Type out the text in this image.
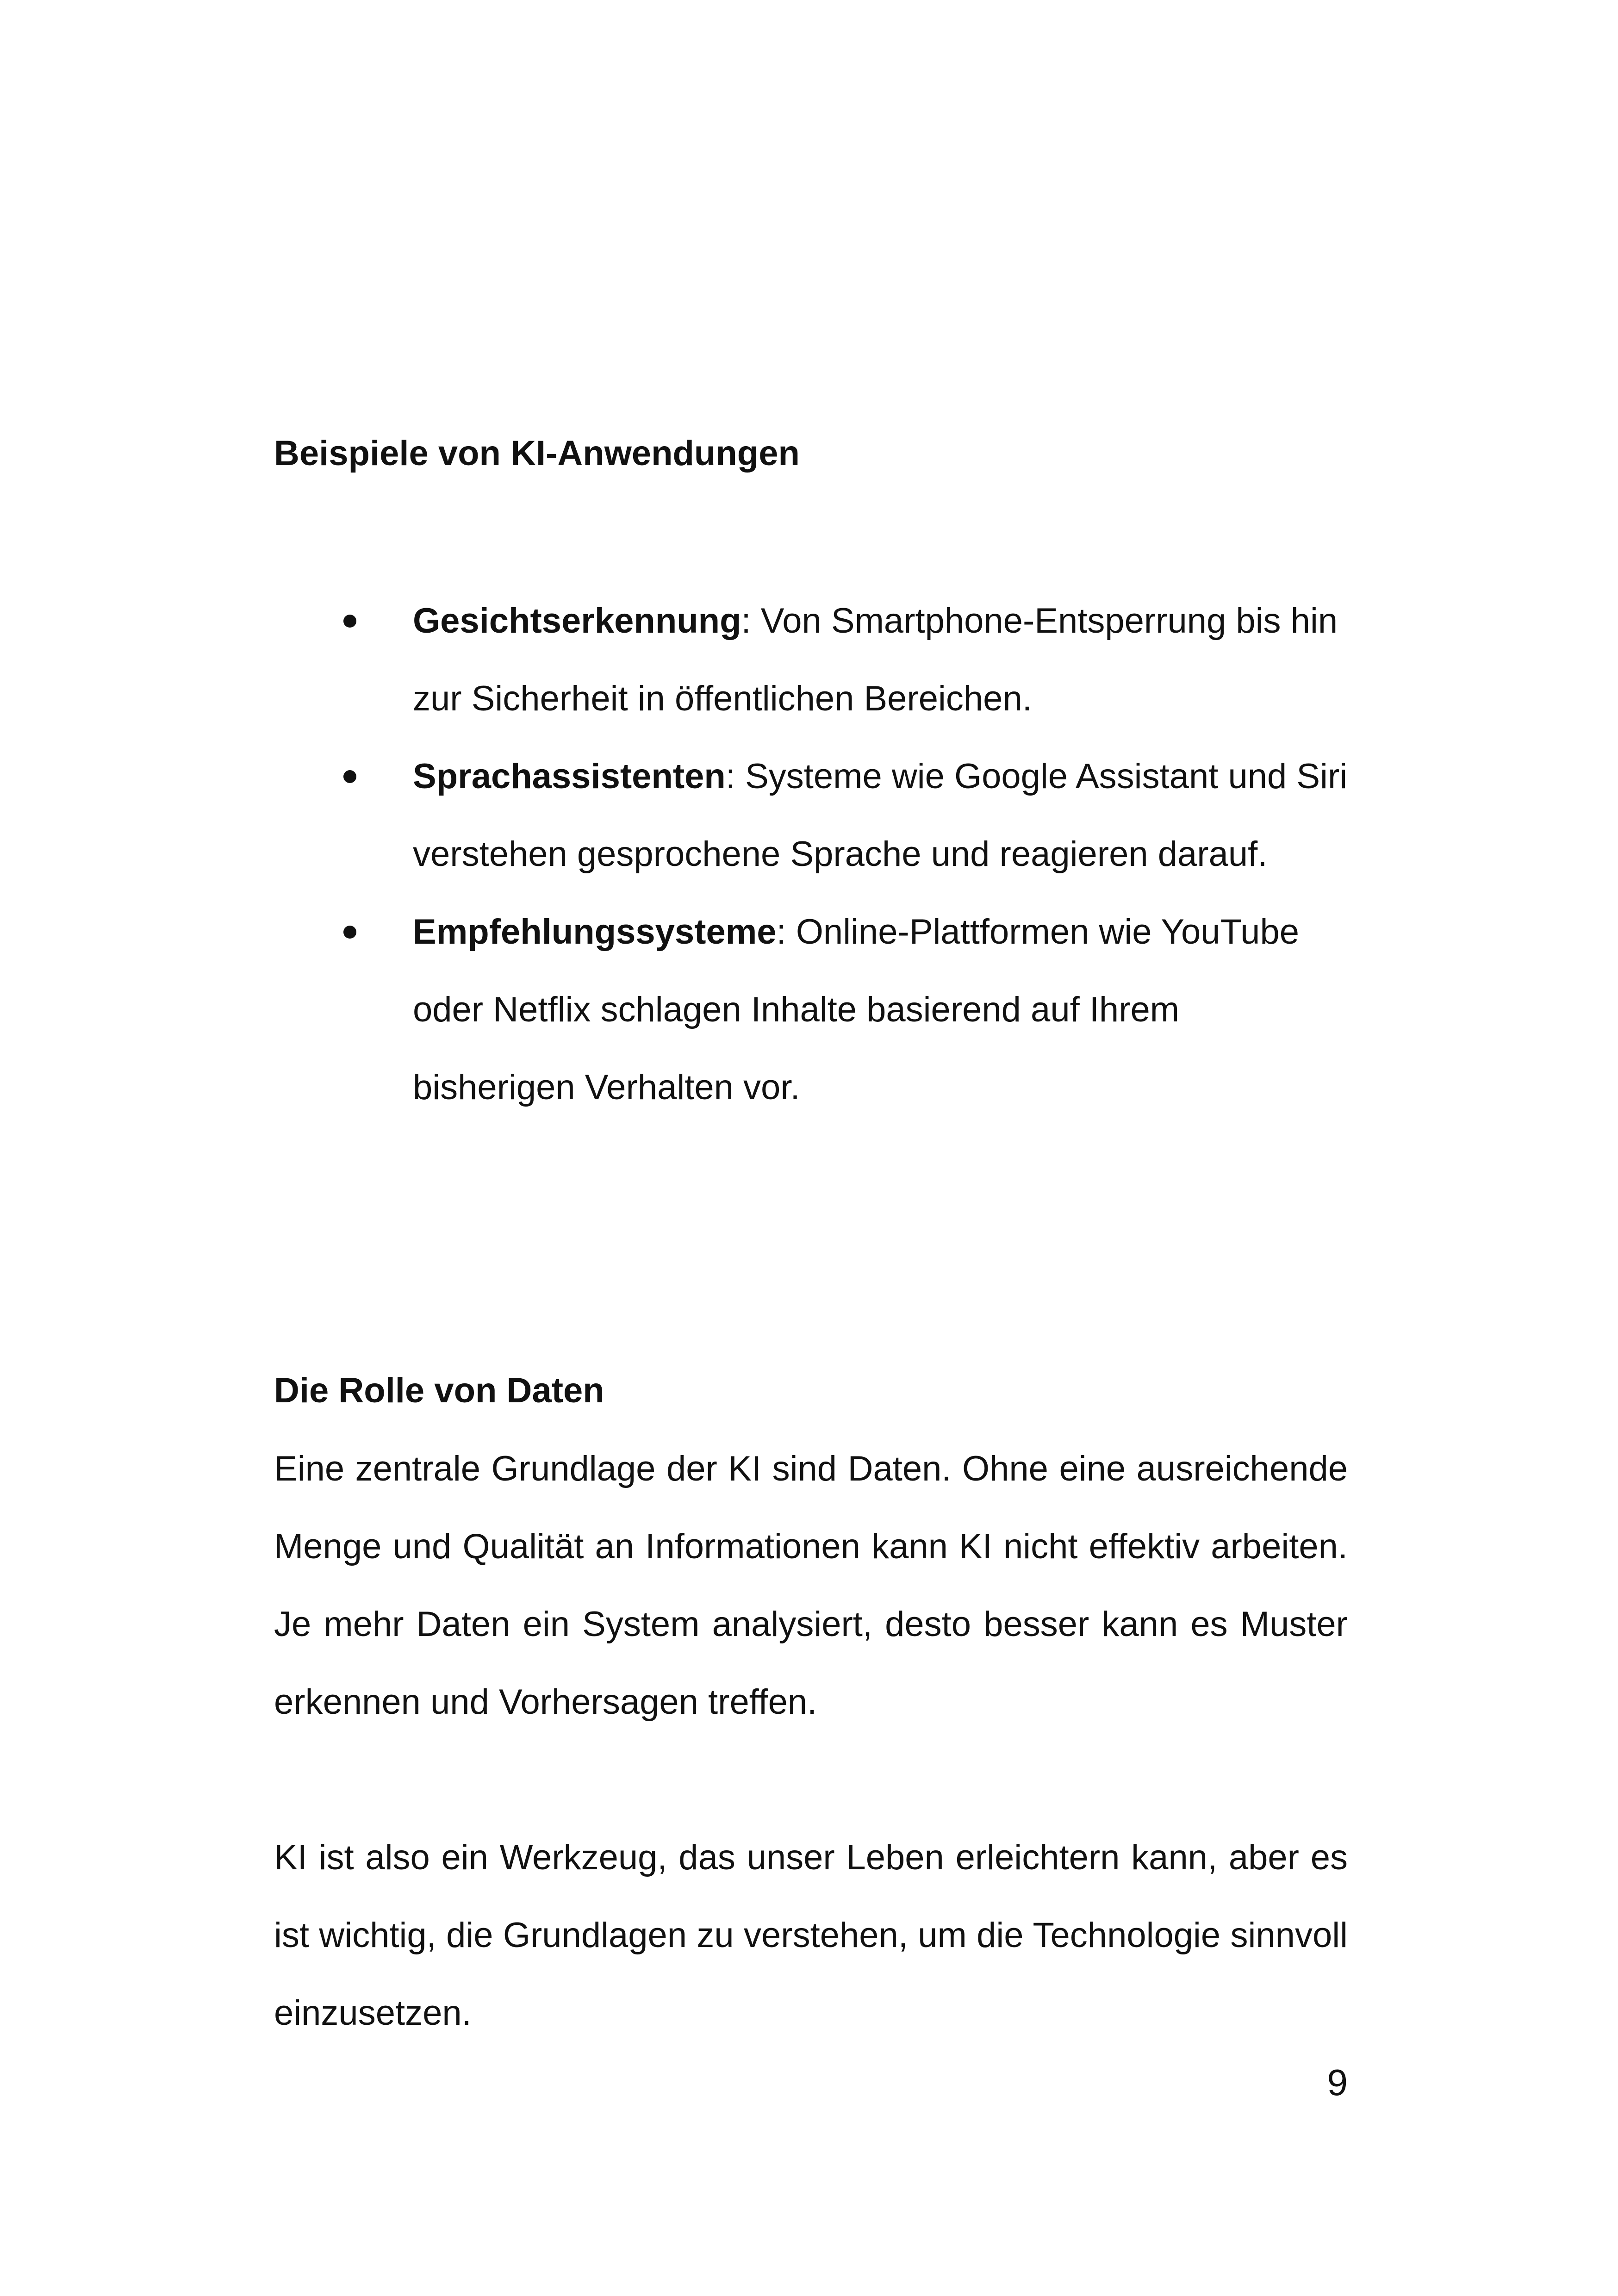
Beispiele von KI-Anwendungen
Gesichtserkennung: Von Smartphone-Entsperrung bis hin zur Sicherheit in öffentlichen Bereichen.
Sprachassistenten: Systeme wie Google Assistant und Siri verstehen gesprochene Sprache und reagieren darauf.
Empfehlungssysteme: Online-Plattformen wie YouTube oder Netflix schlagen Inhalte basierend auf Ihrem bisherigen Verhalten vor.
Die Rolle von Daten

Eine zentrale Grundlage der KI sind Daten. Ohne eine ausreichende Menge und Qualität an Informationen kann KI nicht effektiv arbeiten. Je mehr Daten ein System analysiert, desto besser kann es Muster erkennen und Vorhersagen treffen.

KI ist also ein Werkzeug, das unser Leben erleichtern kann, aber es ist wichtig, die Grundlagen zu verstehen, um die Technologie sinnvoll einzusetzen.

9
